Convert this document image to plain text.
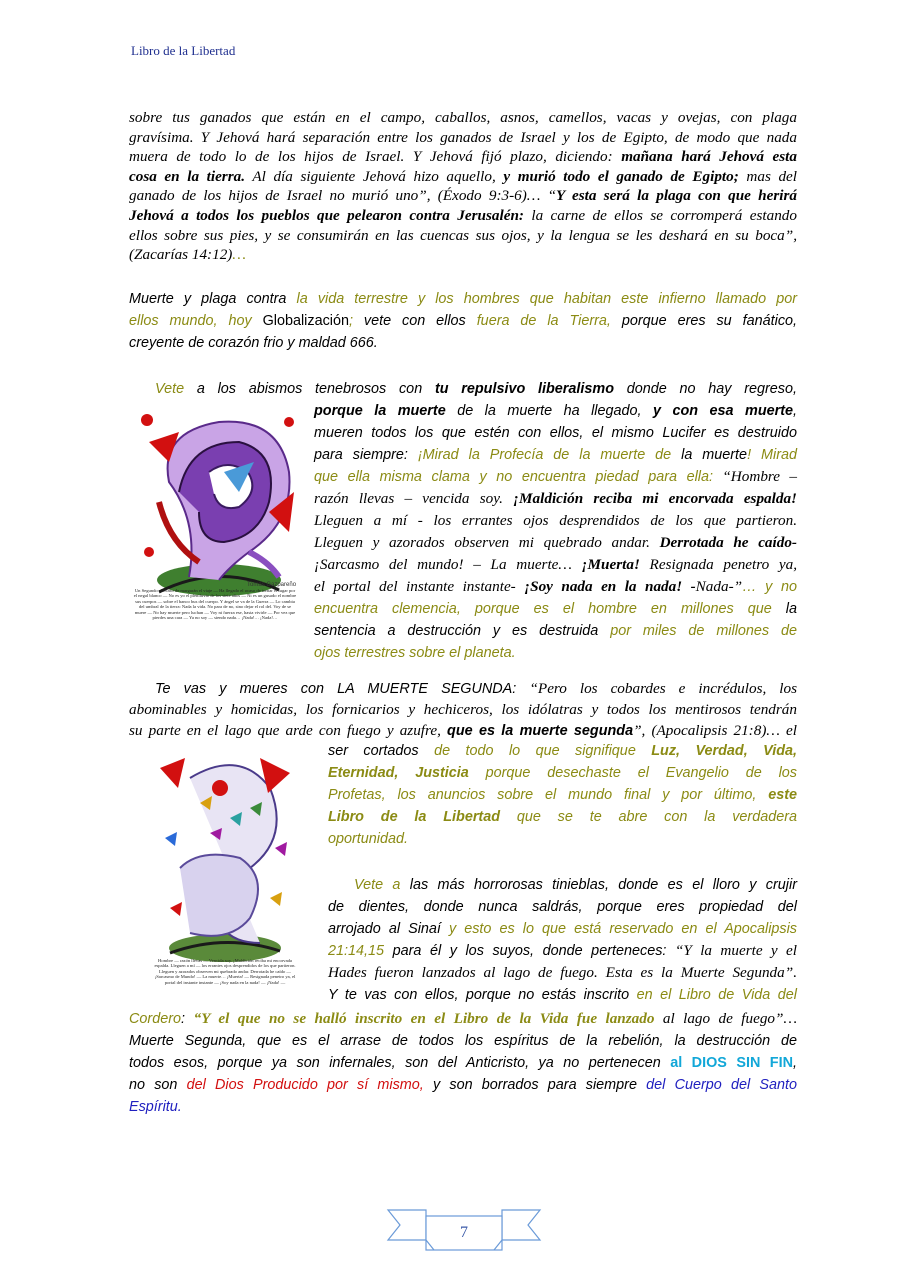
Libro de la Libertad
sobre tus ganados que están en el campo, caballos, asnos, camellos, vacas y ovejas, con plaga
gravísima. Y Jehová hará separación entre los ganados de Israel y los de Egipto, de modo que nada
muera de todo lo de los hijos de Israel. Y Jehová fijó plazo, diciendo: mañana hará Jehová esta
cosa en la tierra. Al día siguiente Jehová hizo aquello, y murió todo el ganado de Egipto; mas del
ganado de los hijos de Israel no murió uno”, (Éxodo 9:3-6)… “Y esta será la plaga con que herirá
Jehová a todos los pueblos que pelearon contra Jerusalén: la carne de ellos se corromperá estando
ellos sobre sus pies, y se consumirán en las cuencas sus ojos, y la lengua se les deshará en su boca”,
(Zacarías 14:12)…
Muerte y plaga contra la vida terrestre y los hombres que habitan este infierno llamado por
ellos mundo, hoy Globalización; vete con ellos fuera de la Tierra, porque eres su fanático,
creyente de corazón frio y maldad 666.
Tomás Gazpareño
Un Segundo el ocaso de margarán el viaje — Ha llegado el ocaso de tornar el lugar por el negal blanco — No es yo el pleniluvio de los siete años — Ni es un gusado el nombre sus cuerpos — sobre el banco bus del cuerpo. Y ángel se va de la Guerra — Lo cambia del umbral de la tierra: Nada la vida. No para de no, sino dejar el rol del. Voy de se muere — No hay muerte pero luchan — Voy ni fuerza ese, hasta vivirle — Por vez que pierdes una cara — Ya no soy — siendo nada… ¡Nada!… ¡Nada!…
Vete a los abismos tenebrosos con tu repulsivo liberalismo donde no hay regreso,
porque la muerte de la muerte ha llegado, y con esa muerte,
mueren todos los que estén con ellos, el mismo Lucifer es destruido
para siempre: ¡Mirad la Profecía de la muerte de la muerte! Mirad
que ella misma clama y no encuentra piedad para ella: “Hombre –
razón llevas – vencida soy. ¡Maldición reciba mi encorvada espalda!
Lleguen a mí - los errantes ojos desprendidos de los que partieron.
Lleguen y azorados observen mi quebrado andar. Derrotada he caído-
¡Sarcasmo del mundo! – La muerte… ¡Muerta! Resignada penetro ya,
el portal del instante instante- ¡Soy nada en la nada! -Nada-”… y no
encuentra clemencia, porque es el hombre en millones que la
sentencia a destrucción y es destruida por miles de millones de
ojos terrestres sobre el planeta.
Te vas y mueres con LA MUERTE SEGUNDA: “Pero los cobardes e incrédulos, los
abominables y homicidas, los fornicarios y hechiceros, los idólatras y todos los mentirosos tendrán
su parte en el lago que arde con fuego y azufre, que es la muerte segunda”, (Apocalipsis 21:8)… el
ser cortados de todo lo que signifique Luz, Verdad, Vida,
Eternidad, Justicia porque desechaste el Evangelio de los
Profetas, los anuncios sobre el mundo final y por último, este
Libro de la Libertad que se te abre con la verdadera
oportunidad.
Hombre — razón llevas — Vencida soy. ¡Maldición reciba mi encorvada espalda. Lleguen a mí — los errantes ojos desprendidos de los que partieron. Lleguen y azorados observen mi quebrado andar. Derrotada he caído — ¡Sarcasmo de Mundo! — La muerte… ¡Muerta! — Resignada penetro ya, el portal del instante instante — ¡Soy nada en la nada! — ¡Nada! —
Vete a las más horrorosas tinieblas, donde es el lloro y crujir
de dientes, donde nunca saldrás, porque eres propiedad del
arrojado al Sinaí y esto es lo que está reservado en el Apocalipsis
21:14,15 para él y los suyos, donde perteneces: “Y la muerte y el
Hades fueron lanzados al lago de fuego. Esta es la Muerte Segunda”.
Y te vas con ellos, porque no estás inscrito en el Libro de Vida del
Cordero: “Y el que no se halló inscrito en el Libro de la Vida fue lanzado al lago de fuego”…
Muerte Segunda, que es el arrase de todos los espíritus de la rebelión, la destrucción de
todos esos, porque ya son infernales, son del Anticristo, ya no pertenecen al DIOS SIN FIN,
no son del Dios Producido por sí mismo, y son borrados para siempre del Cuerpo del Santo
Espíritu.
7
